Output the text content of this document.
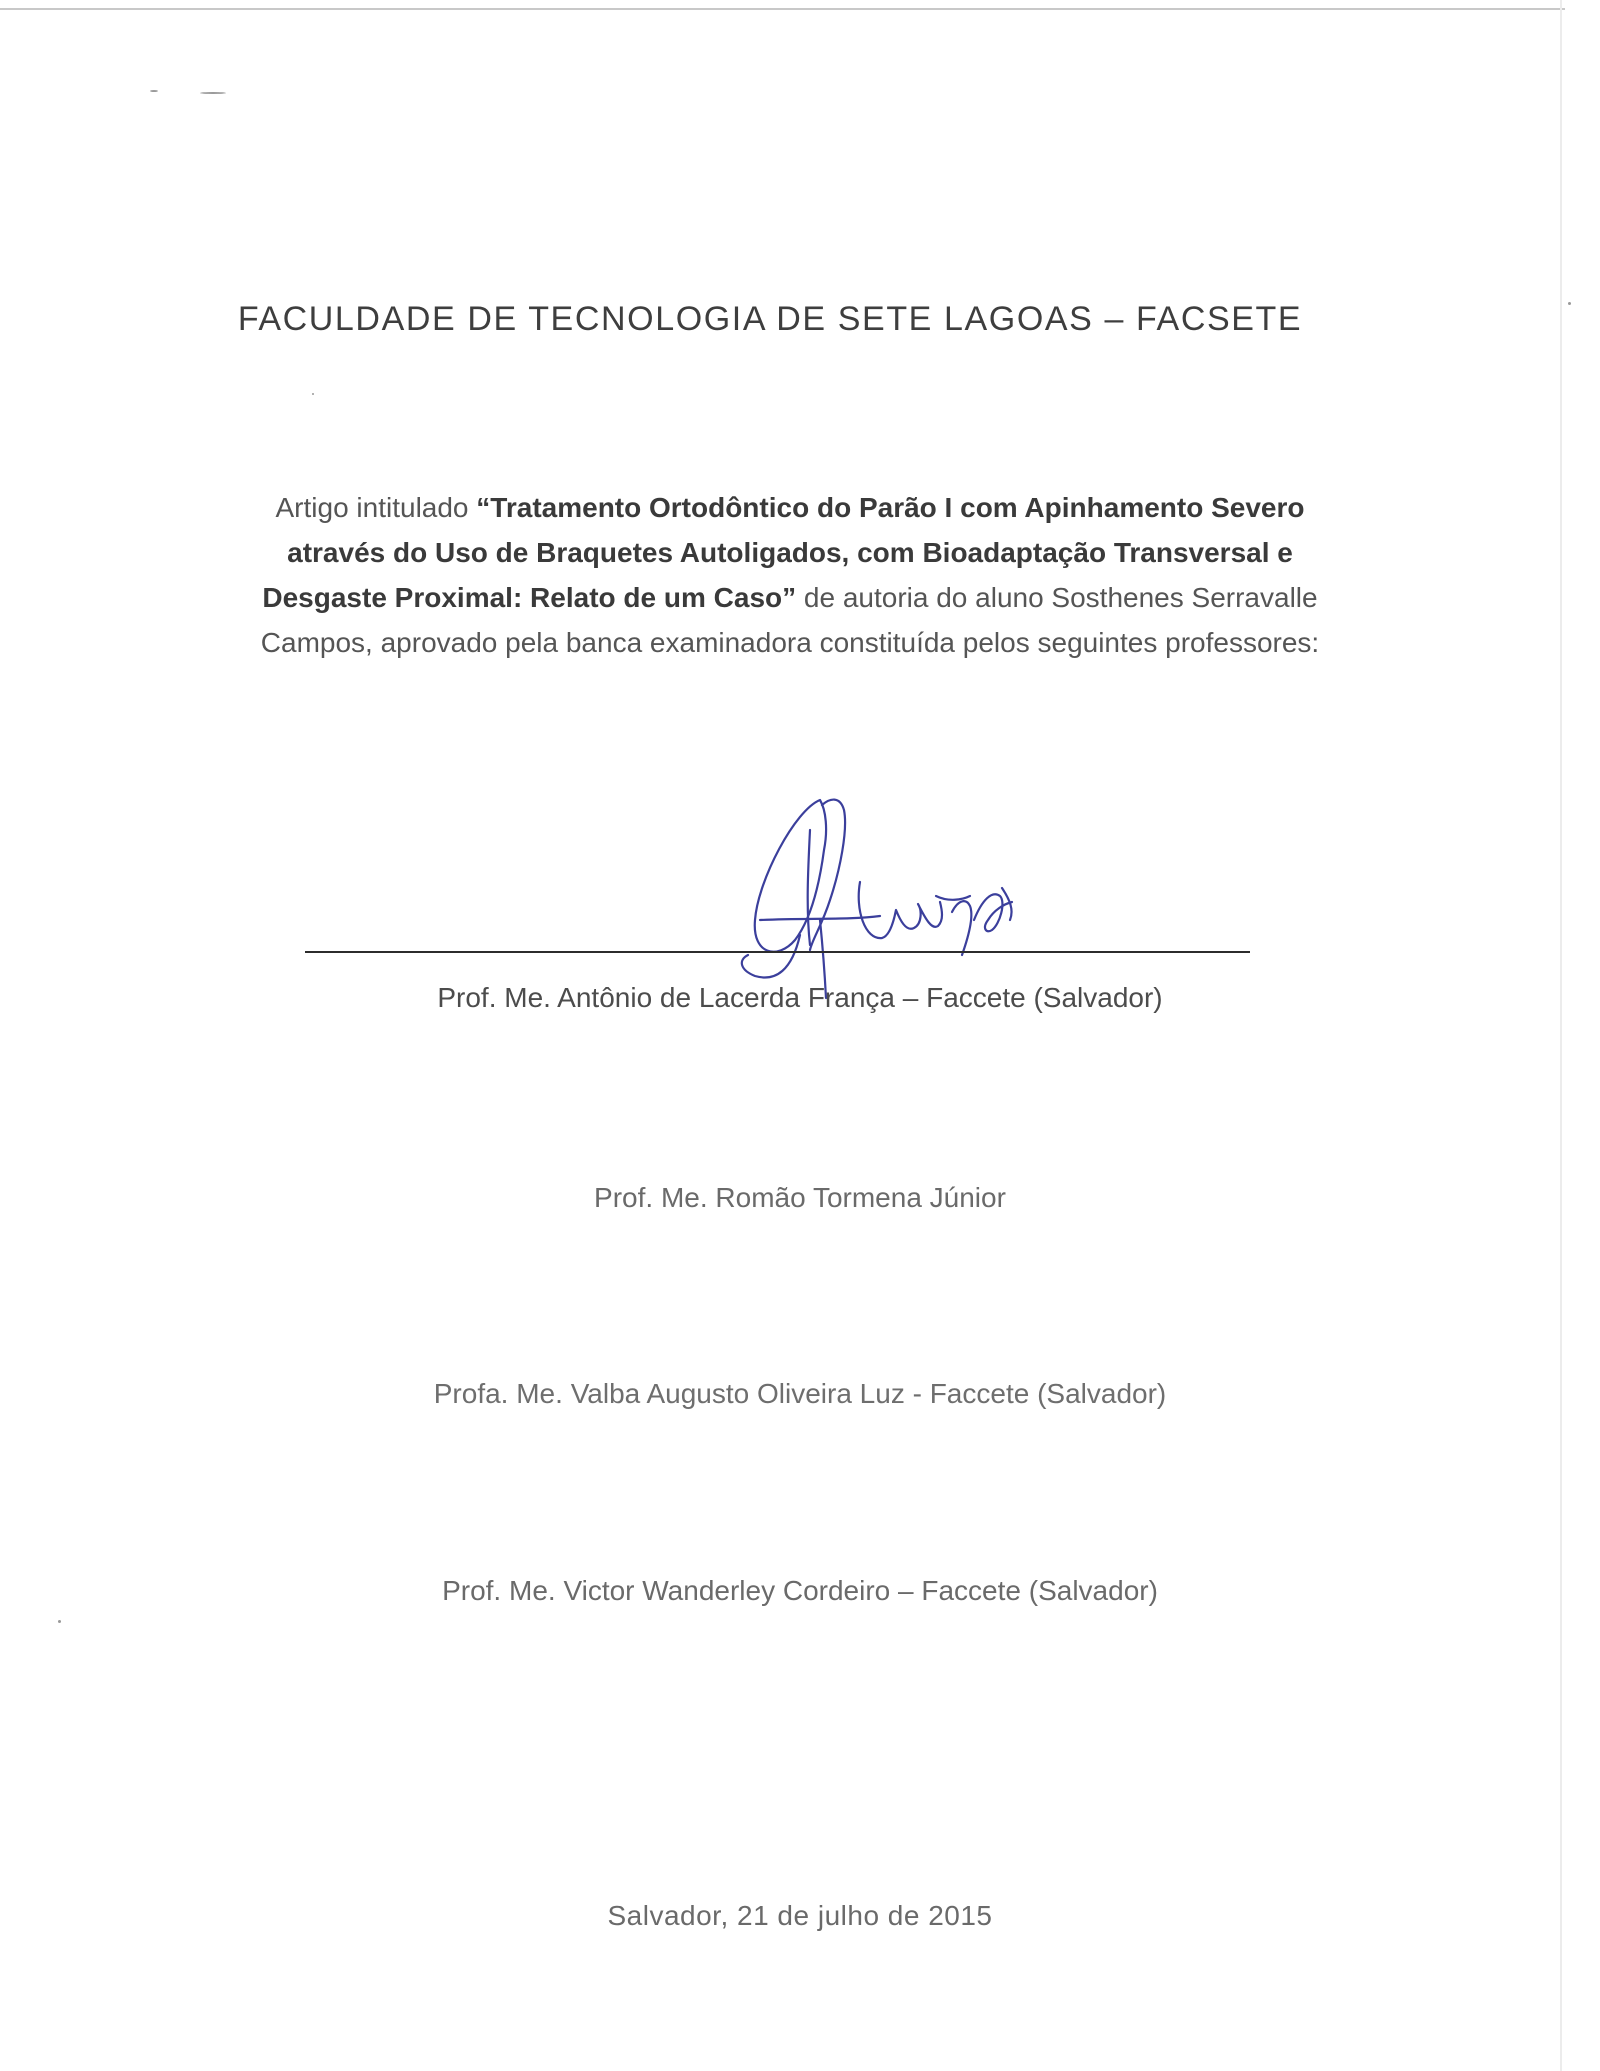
FACULDADE DE TECNOLOGIA DE SETE LAGOAS – FACSETE
Artigo intitulado “Tratamento Ortodôntico do Parão I com Apinhamento Severo através do Uso de Braquetes Autoligados, com Bioadaptação Transversal e Desgaste Proximal: Relato de um Caso” de autoria do aluno Sosthenes Serravalle Campos, aprovado pela banca examinadora constituída pelos seguintes professores:
Prof. Me. Antônio de Lacerda França – Faccete (Salvador)
Prof. Me. Romão Tormena Júnior
Profa. Me. Valba Augusto Oliveira Luz - Faccete (Salvador)
Prof. Me. Victor Wanderley Cordeiro – Faccete (Salvador)
Salvador, 21 de julho de 2015
